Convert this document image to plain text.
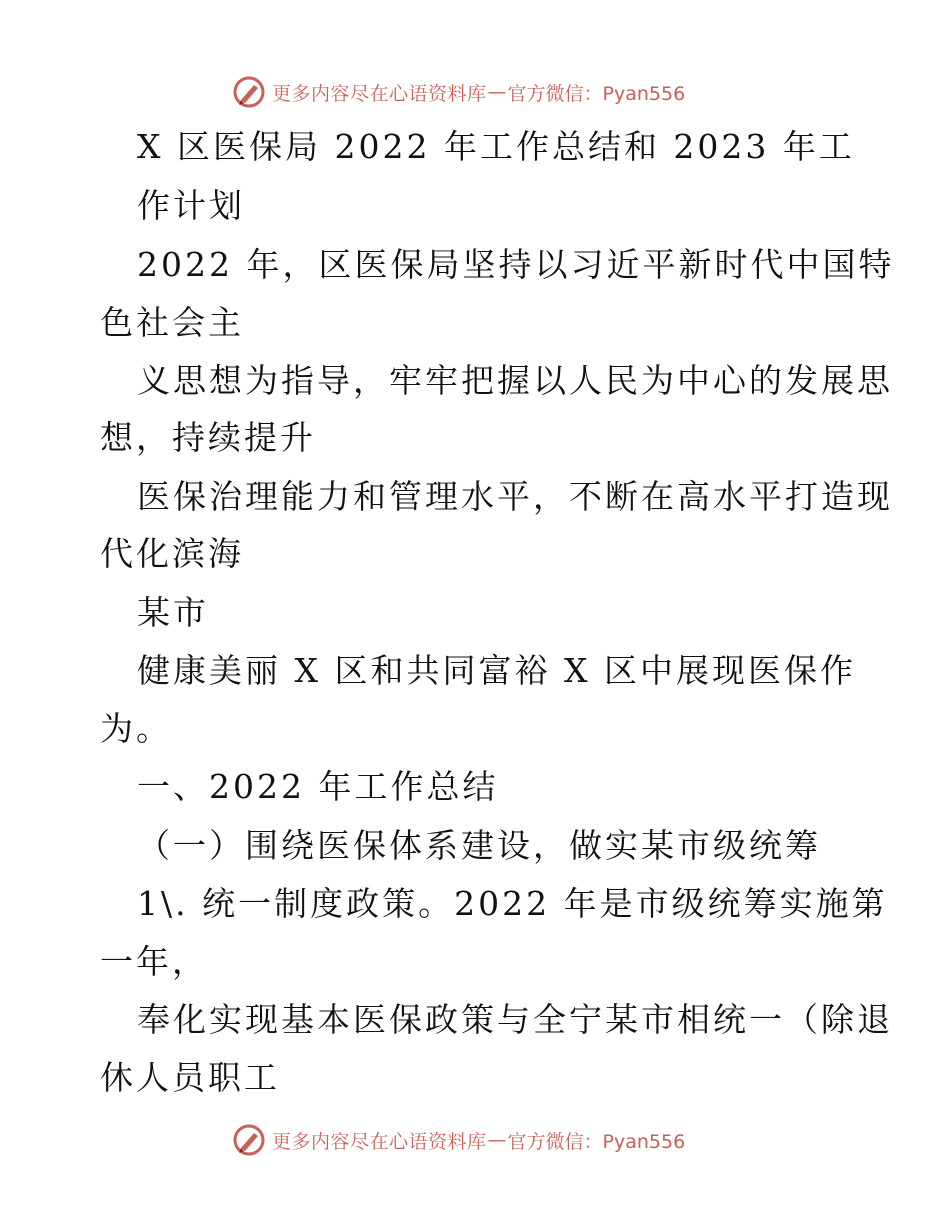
更多内容尽在心语资料库 — 官方微信：Pyan556
X 区医保局 2022 年工作总结和 2023 年工
作计划
2022 年，区医保局坚持以习近平新时代中国特
色社会主
义思想为指导，牢牢把握以人民为中心的发展思
想，持续提升
医保治理能力和管理水平，不断在高水平打造现
代化滨海
某市
健康美丽 X 区和共同富裕 X 区中展现医保作
为。
一、2022 年工作总结
（一）围绕医保体系建设，做实某市级统筹
1\. 统一制度政策。2022 年是市级统筹实施第
一年，
奉化实现基本医保政策与全宁某市相统一（除退
休人员职工
更多内容尽在心语资料库 — 官方微信：Pyan556
